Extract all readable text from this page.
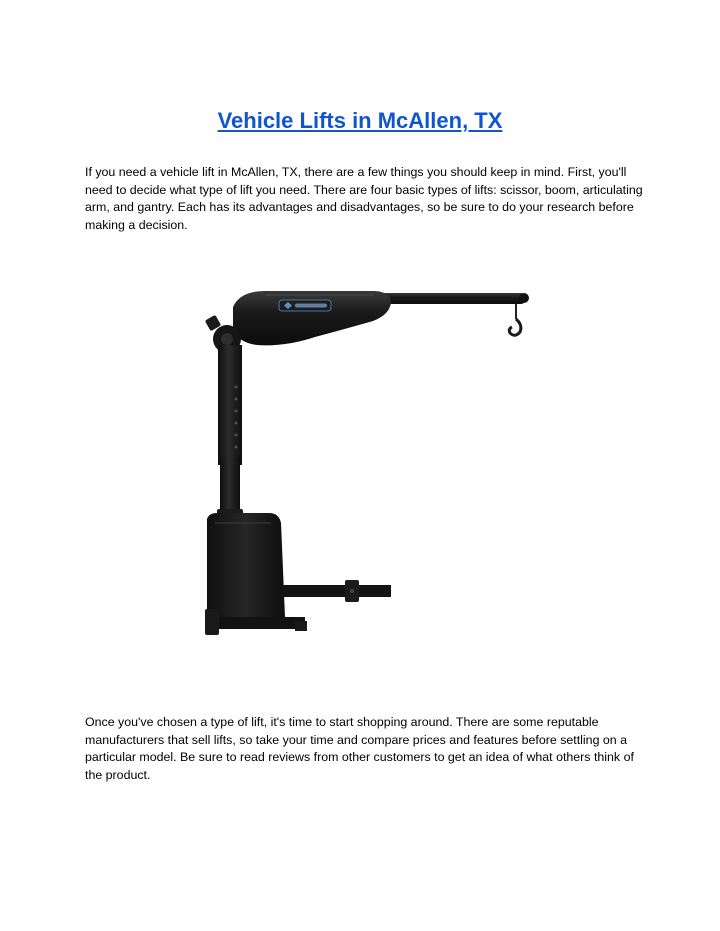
Vehicle Lifts in McAllen, TX

If you need a vehicle lift in McAllen, TX, there are a few things you should keep in mind. First, you'll need to decide what type of lift you need. There are four basic types of lifts: scissor, boom, articulating arm, and gantry. Each has its advantages and disadvantages, so be sure to do your research before making a decision.

Once you've chosen a type of lift, it's time to start shopping around. There are some reputable manufacturers that sell lifts, so take your time and compare prices and features before settling on a particular model. Be sure to read reviews from other customers to get an idea of what others think of the product.
